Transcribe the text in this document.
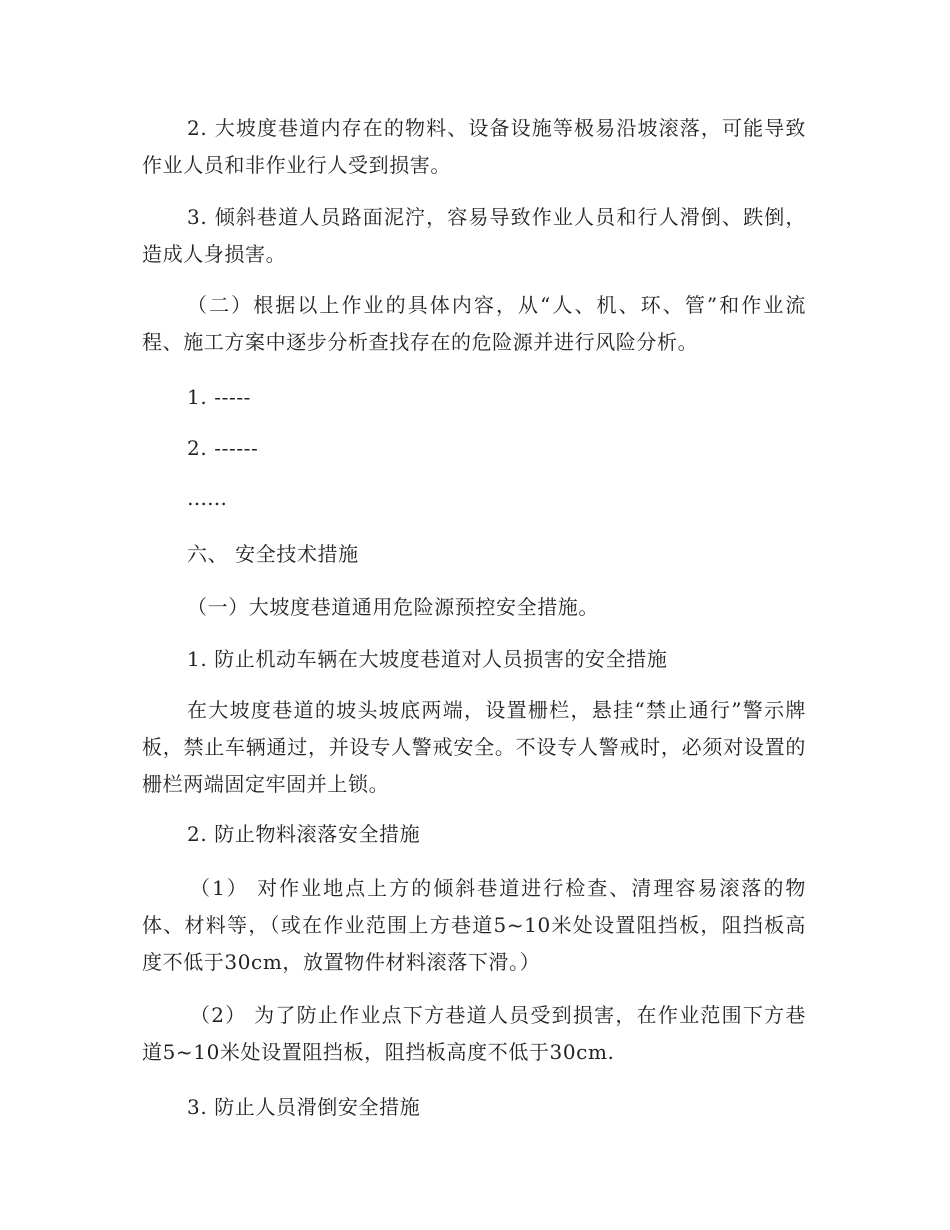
2. 大坡度巷道内存在的物料、设备设施等极易沿坡滚落，可能导致作业人员和非作业行人受到损害。

3. 倾斜巷道人员路面泥泞，容易导致作业人员和行人滑倒、跌倒，造成人身损害。

（二）根据以上作业的具体内容，从“人、机、环、管”和作业流程、施工方案中逐步分析查找存在的危险源并进行风险分析。

1. -----

2. ------

……

六、 安全技术措施

（一）大坡度巷道通用危险源预控安全措施。

1. 防止机动车辆在大坡度巷道对人员损害的安全措施

在大坡度巷道的坡头坡底两端，设置栅栏，悬挂“禁止通行”警示牌板，禁止车辆通过，并设专人警戒安全。不设专人警戒时，必须对设置的栅栏两端固定牢固并上锁。

2. 防止物料滚落安全措施

（1） 对作业地点上方的倾斜巷道进行检查、清理容易滚落的物体、材料等，（或在作业范围上方巷道5~10米处设置阻挡板，阻挡板高度不低于30cm，放置物件材料滚落下滑。）

（2） 为了防止作业点下方巷道人员受到损害，在作业范围下方巷道5~10米处设置阻挡板，阻挡板高度不低于30cm.

3. 防止人员滑倒安全措施
